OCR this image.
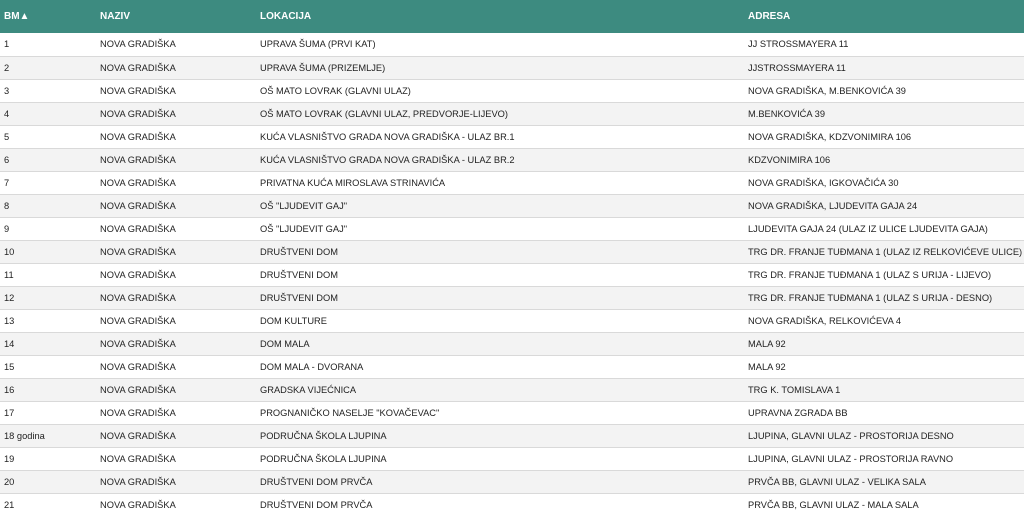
BM▲	NAZIV	LOKACIJA	ADRESA
1	NOVA GRADIŠKA	UPRAVA ŠUMA (PRVI KAT)	JJ STROSSMAYERA 11
2	NOVA GRADIŠKA	UPRAVA ŠUMA (PRIZEMLJE)	JJSTROSSMAYERA 11
3	NOVA GRADIŠKA	OŠ MATO LOVRAK (GLAVNI ULAZ)	NOVA GRADIŠKA, M.BENKOVIĆA 39
4	NOVA GRADIŠKA	OŠ MATO LOVRAK (GLAVNI ULAZ, PREDVORJE-LIJEVO)	M.BENKOVIĆA 39
5	NOVA GRADIŠKA	KUĆA VLASNIŠTVO GRADA NOVA GRADIŠKA - ULAZ BR.1	NOVA GRADIŠKA, KDZVONIMIRA 106
6	NOVA GRADIŠKA	KUĆA VLASNIŠTVO GRADA NOVA GRADIŠKA - ULAZ BR.2	KDZVONIMIRA 106
7	NOVA GRADIŠKA	PRIVATNA KUĆA MIROSLAVA STRINAVIĆA	NOVA GRADIŠKA, IGKOVAČIĆA 30
8	NOVA GRADIŠKA	OŠ "LJUDEVIT GAJ"	NOVA GRADIŠKA, LJUDEVITA GAJA 24
9	NOVA GRADIŠKA	OŠ "LJUDEVIT GAJ"	LJUDEVITA GAJA 24 (ULAZ IZ ULICE LJUDEVITA GAJA)
10	NOVA GRADIŠKA	DRUŠTVENI DOM	TRG DR. FRANJE TUĐMANA 1 (ULAZ IZ RELKOVIĆEVE ULICE)
11	NOVA GRADIŠKA	DRUŠTVENI DOM	TRG DR. FRANJE TUĐMANA 1 (ULAZ S URIJA - LIJEVO)
12	NOVA GRADIŠKA	DRUŠTVENI DOM	TRG DR. FRANJE TUĐMANA 1 (ULAZ S URIJA - DESNO)
13	NOVA GRADIŠKA	DOM KULTURE	NOVA GRADIŠKA, RELKOVIĆEVA 4
14	NOVA GRADIŠKA	DOM MALA	MALA 92
15	NOVA GRADIŠKA	DOM MALA - DVORANA	MALA 92
16	NOVA GRADIŠKA	GRADSKA VIJEĆNICA	TRG K. TOMISLAVA 1
17	NOVA GRADIŠKA	PROGNANIČKO NASELJE "KOVAČEVAC"	UPRAVNA ZGRADA BB
18 godina	NOVA GRADIŠKA	PODRUČNA ŠKOLA LJUPINA	LJUPINA, GLAVNI ULAZ - PROSTORIJA DESNO
19	NOVA GRADIŠKA	PODRUČNA ŠKOLA LJUPINA	LJUPINA, GLAVNI ULAZ - PROSTORIJA RAVNO
20	NOVA GRADIŠKA	DRUŠTVENI DOM PRVČA	PRVČA BB, GLAVNI ULAZ - VELIKA SALA
21	NOVA GRADIŠKA	DRUŠTVENI DOM PRVČA	PRVČA BB, GLAVNI ULAZ - MALA SALA
